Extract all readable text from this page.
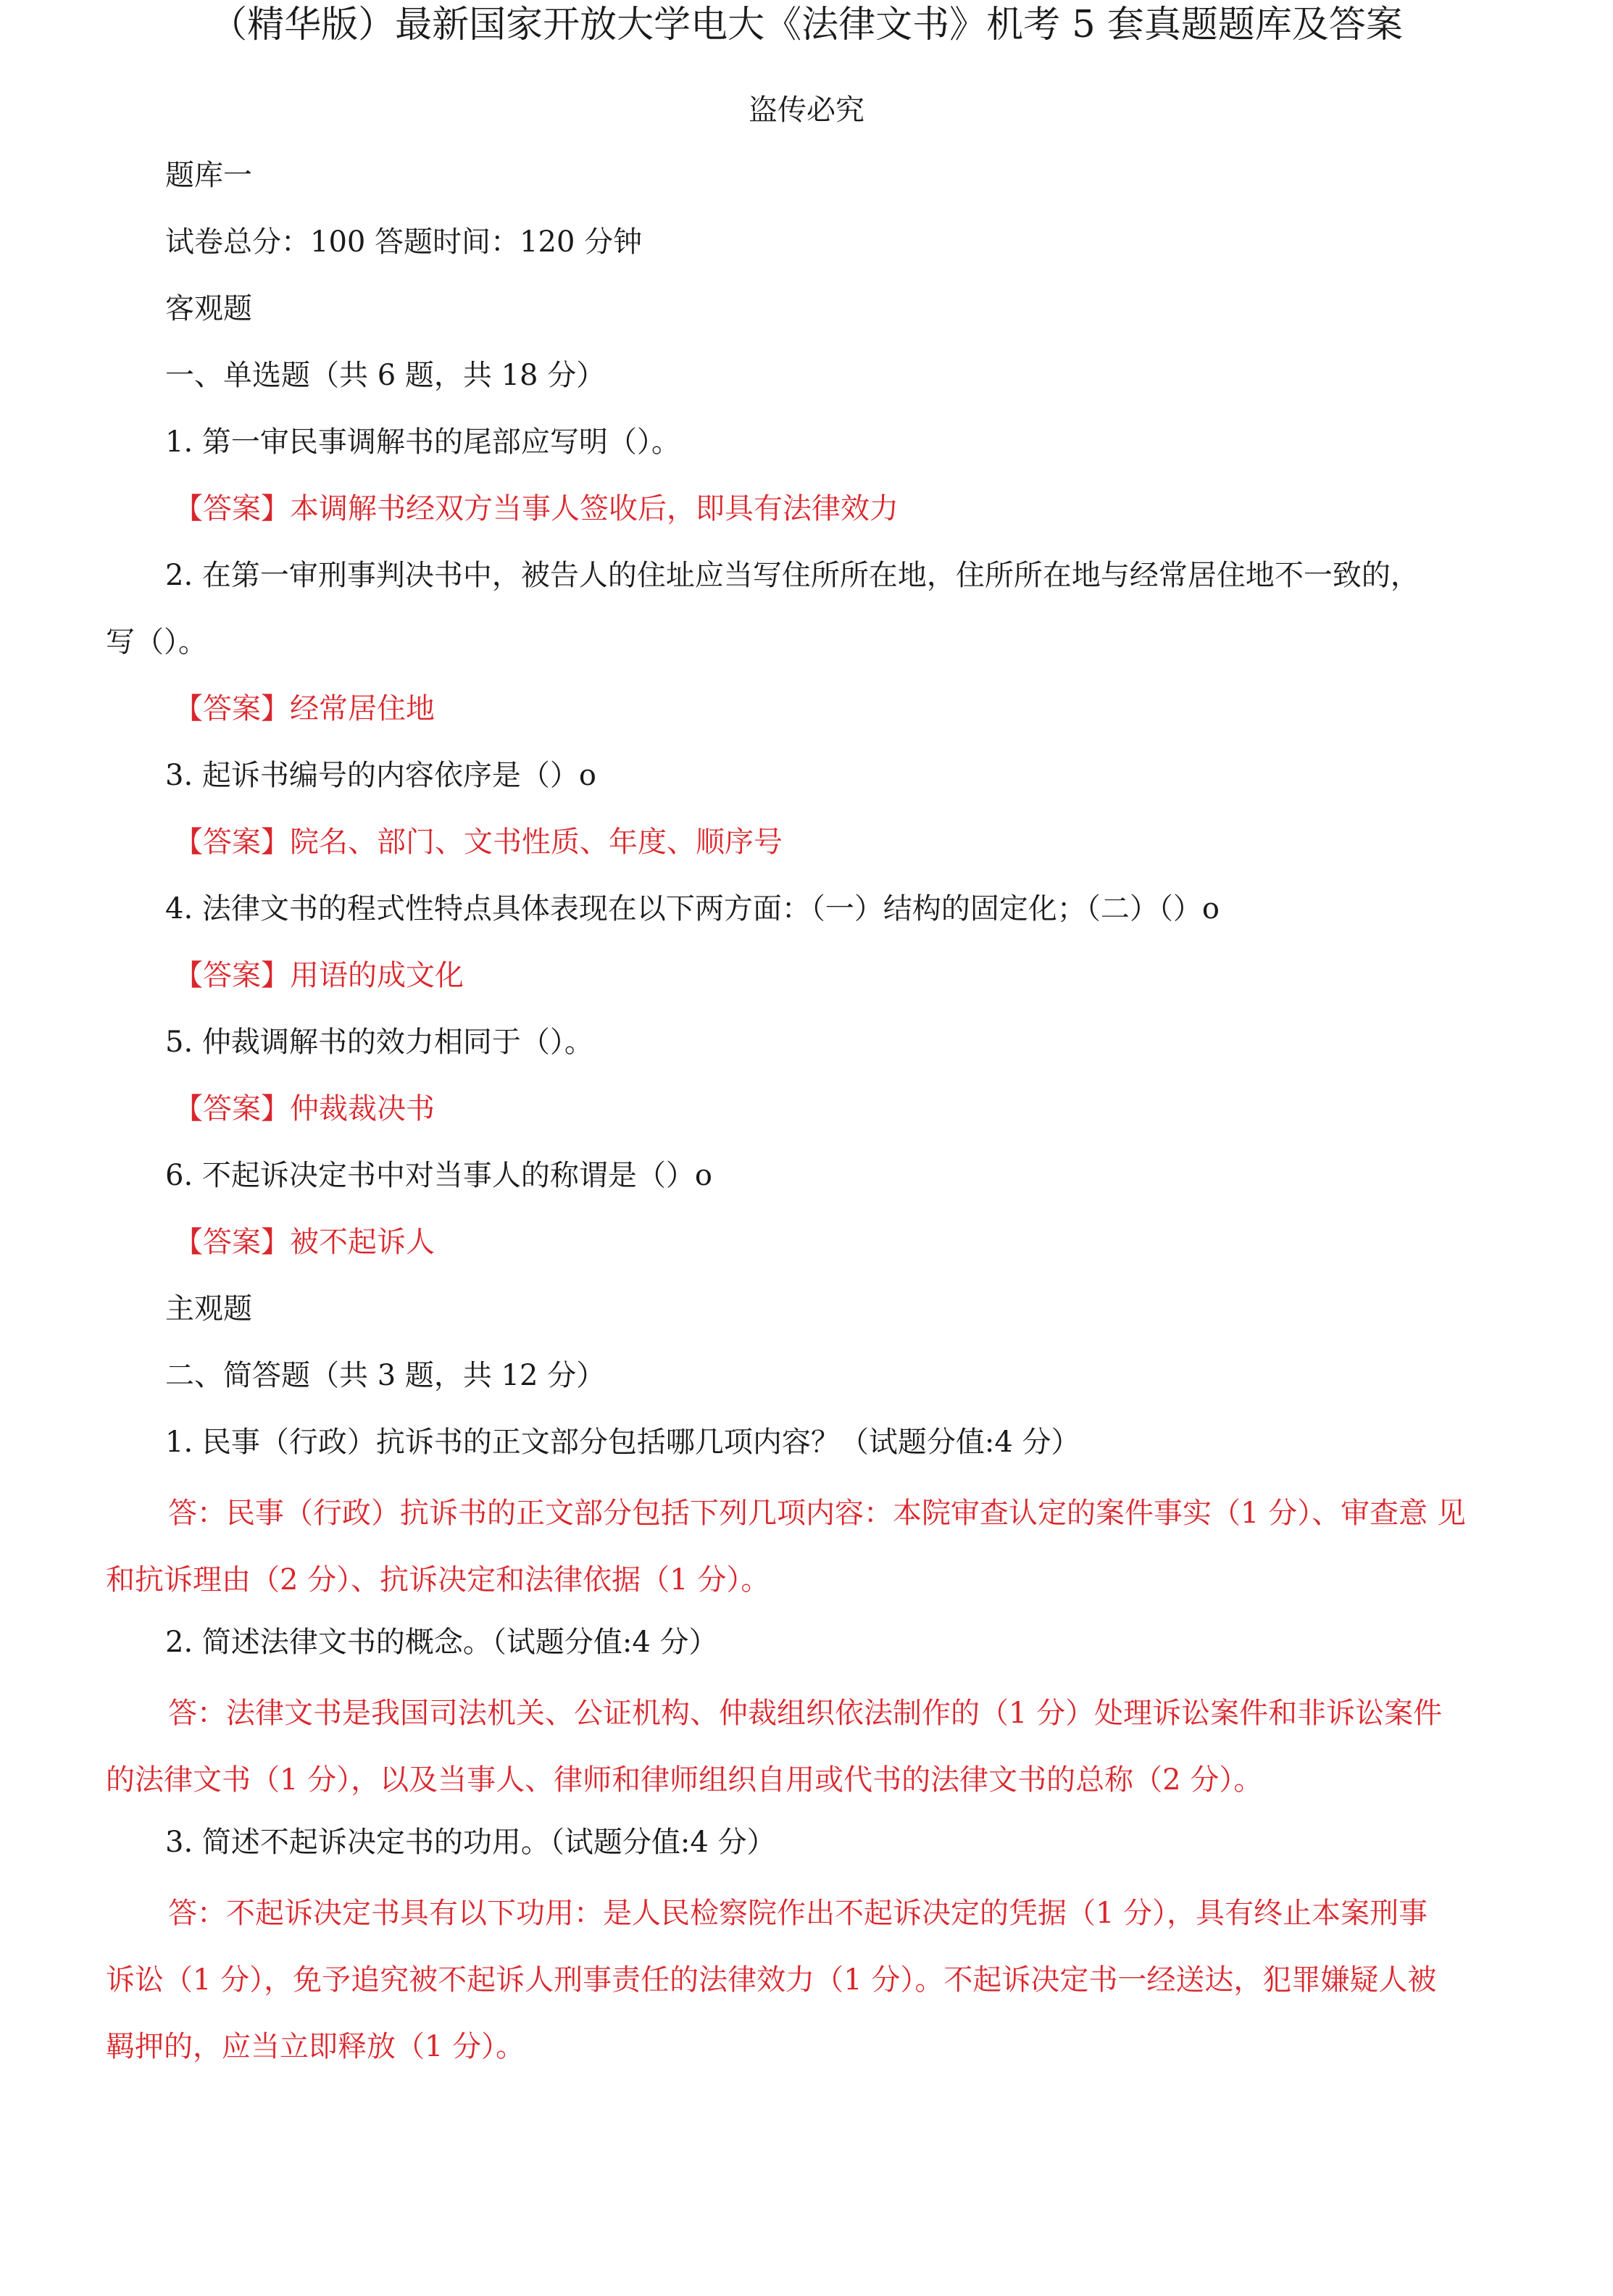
（精华版）最新国家开放大学电大《法律文书》机考 5 套真题题库及答案
盗传必究
题库一
试卷总分：100 答题时间：120 分钟
客观题
一、单选题（共 6 题，共 18 分）
1. 第一审民事调解书的尾部应写明（）。
【答案】本调解书经双方当事人签收后，即具有法律效力
2. 在第一审刑事判决书中，被告人的住址应当写住所所在地，住所所在地与经常居住地不一致的，
写（）。
【答案】经常居住地
3. 起诉书编号的内容依序是（）o
【答案】院名、部门、文书性质、年度、顺序号
4. 法律文书的程式性特点具体表现在以下两方面：（一）结构的固定化；（二）（）o
【答案】用语的成文化
5. 仲裁调解书的效力相同于（）。
【答案】仲裁裁决书
6. 不起诉决定书中对当事人的称谓是（）o
【答案】被不起诉人
主观题
二、简答题（共 3 题，共 12 分）
1. 民事（行政）抗诉书的正文部分包括哪几项内容？（试题分值:4 分）
答：民事（行政）抗诉书的正文部分包括下列几项内容：本院审查认定的案件事实（1 分）、审查意 见
和抗诉理由（2 分）、抗诉决定和法律依据（1 分）。
2. 简述法律文书的概念。（试题分值:4 分）
答：法律文书是我国司法机关、公证机构、仲裁组织依法制作的（1 分）处理诉讼案件和非诉讼案件
的法律文书（1 分），以及当事人、律师和律师组织自用或代书的法律文书的总称（2 分）。
3. 简述不起诉决定书的功用。（试题分值:4 分）
答：不起诉决定书具有以下功用：是人民检察院作出不起诉决定的凭据（1 分），具有终止本案刑事
诉讼（1 分），免予追究被不起诉人刑事责任的法律效力（1 分）。不起诉决定书一经送达，犯罪嫌疑人被
羁押的，应当立即释放（1 分）。
